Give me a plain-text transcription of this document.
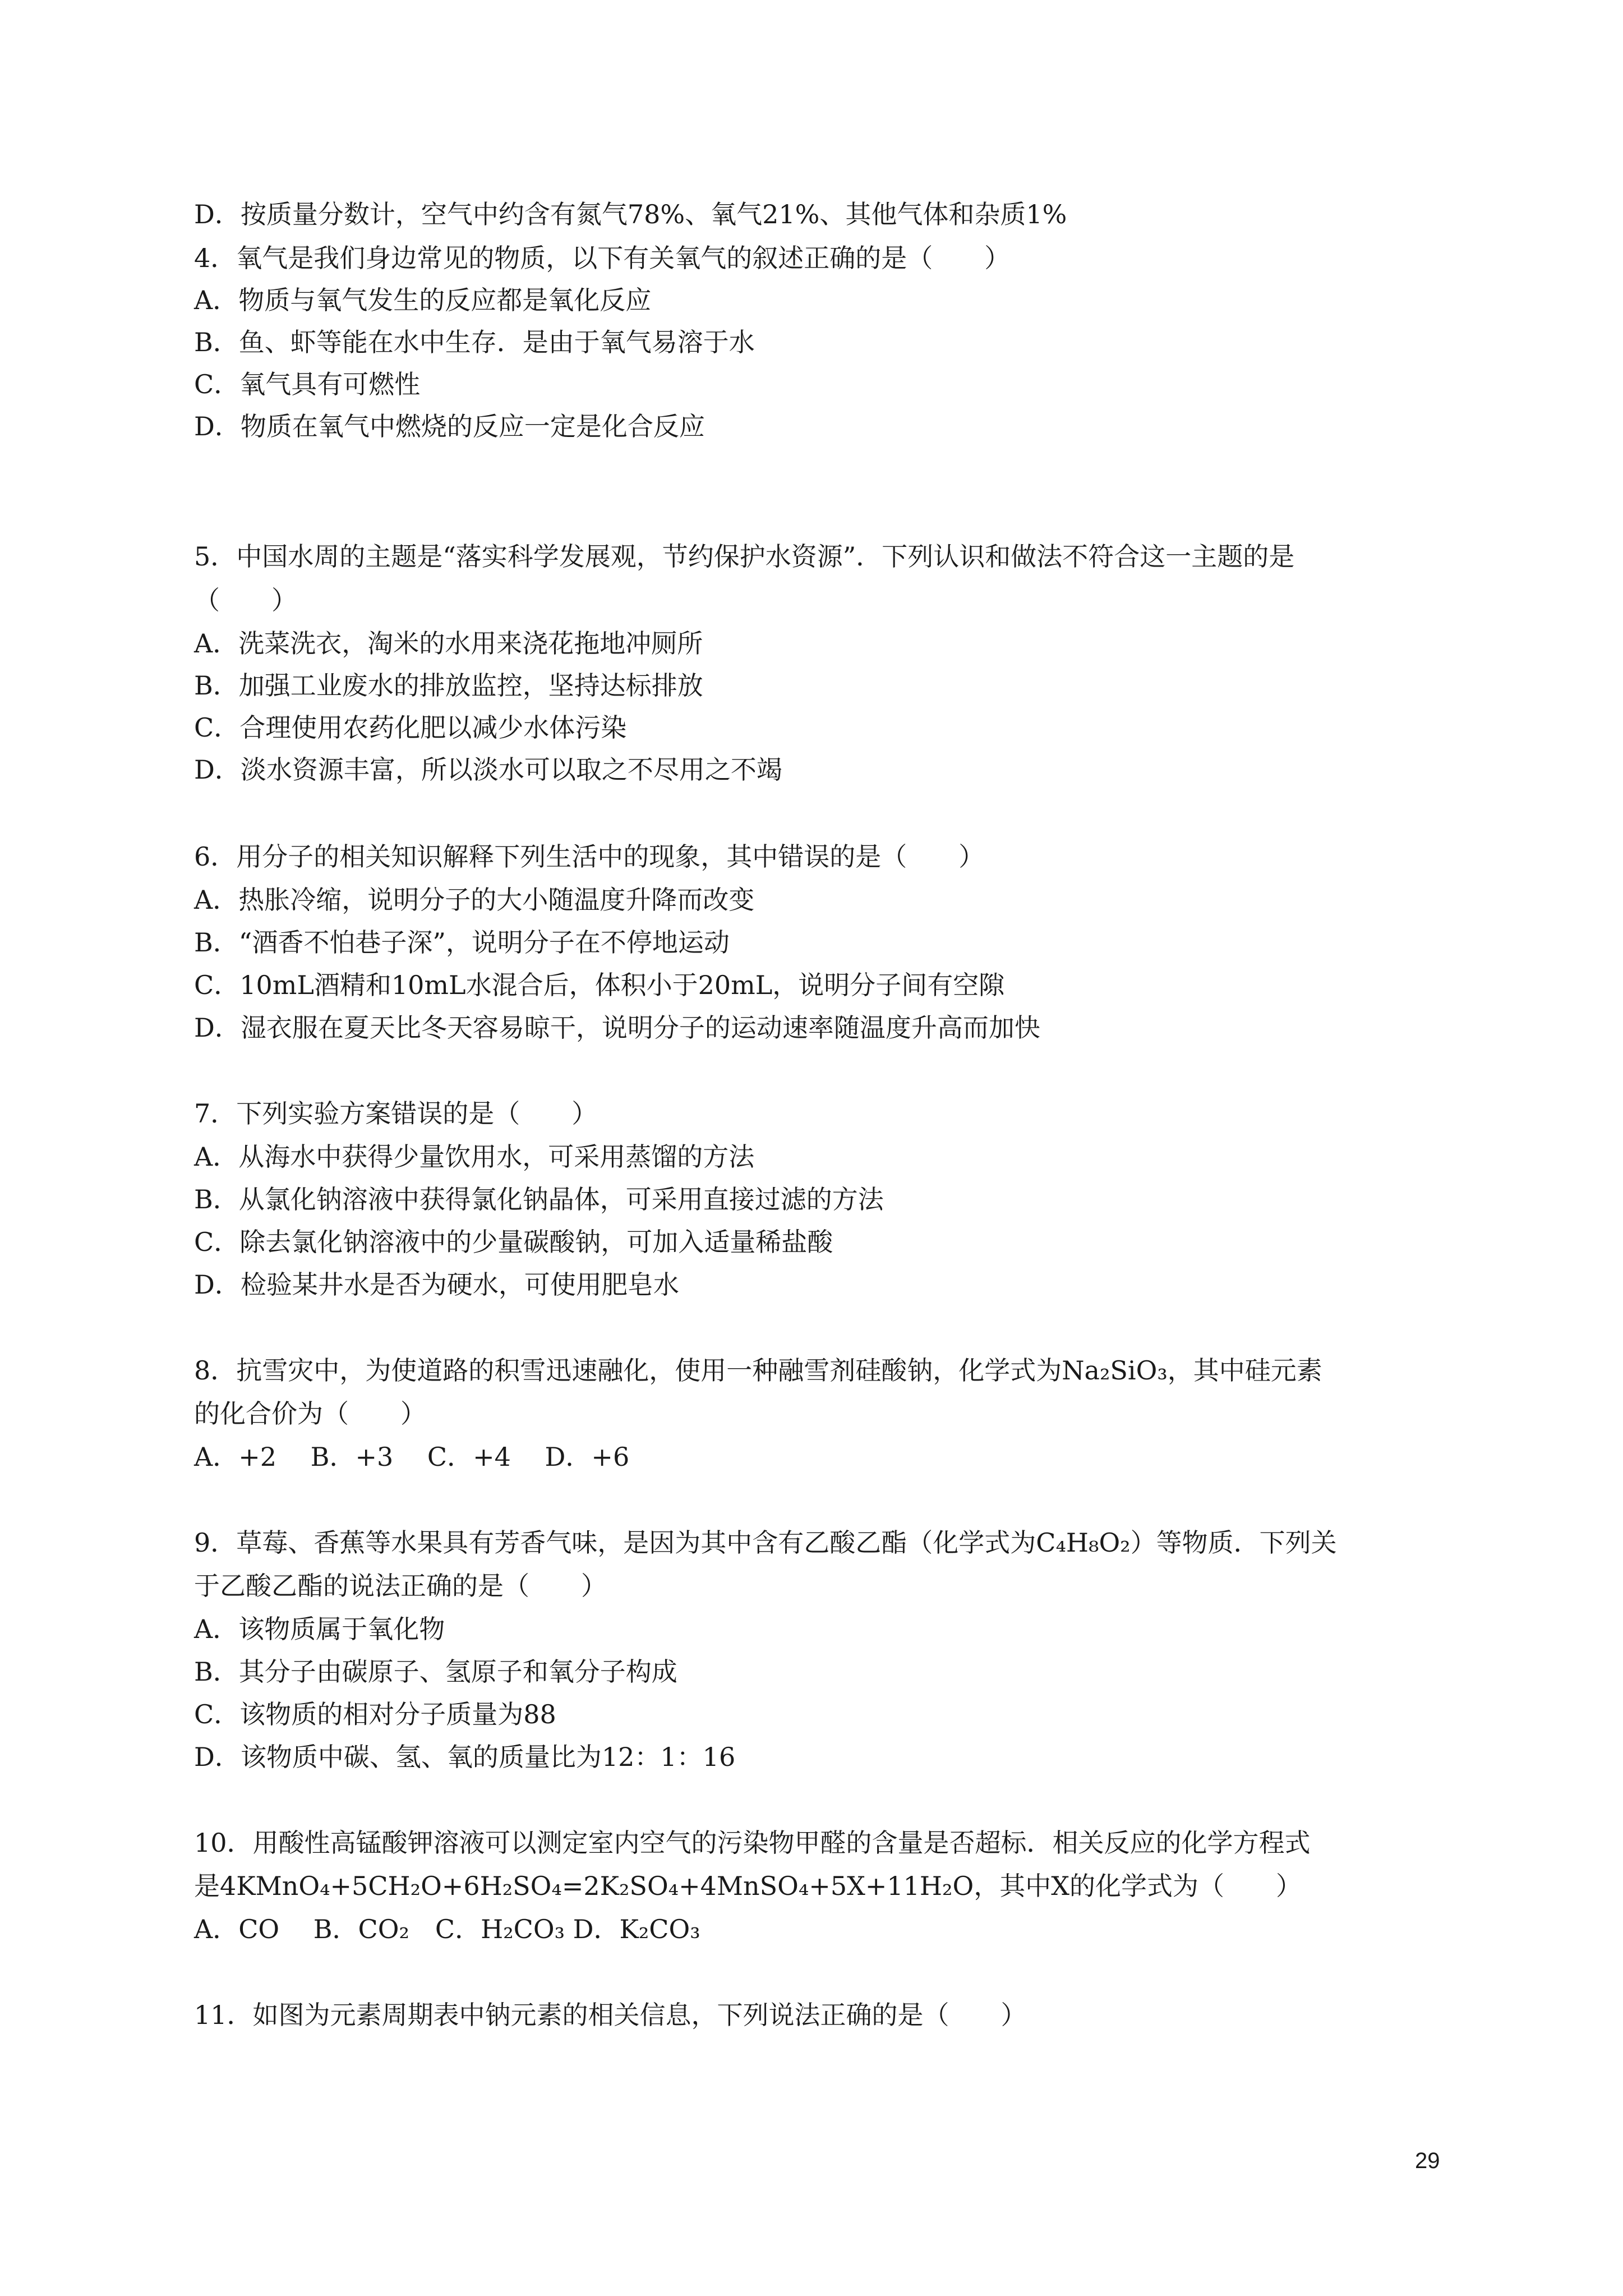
D．按质量分数计，空气中约含有氮气78%、氧气21%、其他气体和杂质1%
4．氧气是我们身边常见的物质，以下有关氧气的叙述正确的是（　　）
A．物质与氧气发生的反应都是氧化反应
B．鱼、虾等能在水中生存．是由于氧气易溶于水
C．氧气具有可燃性
D．物质在氧气中燃烧的反应一定是化合反应
5．中国水周的主题是“落实科学发展观，节约保护水资源”．下列认识和做法不符合这一主题的是
（　　）
A．洗菜洗衣，淘米的水用来浇花拖地冲厕所
B．加强工业废水的排放监控，坚持达标排放
C．合理使用农药化肥以减少水体污染
D．淡水资源丰富，所以淡水可以取之不尽用之不竭
6．用分子的相关知识解释下列生活中的现象，其中错误的是（　　）
A．热胀冷缩，说明分子的大小随温度升降而改变
B．“酒香不怕巷子深”，说明分子在不停地运动
C．10mL酒精和10mL水混合后，体积小于20mL，说明分子间有空隙
D．湿衣服在夏天比冬天容易晾干，说明分子的运动速率随温度升高而加快
7．下列实验方案错误的是（　　）
A．从海水中获得少量饮用水，可采用蒸馏的方法
B．从氯化钠溶液中获得氯化钠晶体，可采用直接过滤的方法
C．除去氯化钠溶液中的少量碳酸钠，可加入适量稀盐酸
D．检验某井水是否为硬水，可使用肥皂水
8．抗雪灾中，为使道路的积雪迅速融化，使用一种融雪剂硅酸钠，化学式为Na₂SiO₃，其中硅元素
的化合价为（　　）
A．+2　 B．+3　 C．+4　 D．+6
9．草莓、香蕉等水果具有芳香气味，是因为其中含有乙酸乙酯（化学式为C₄H₈O₂）等物质．下列关
于乙酸乙酯的说法正确的是（　　）
A．该物质属于氧化物
B．其分子由碳原子、氢原子和氧分子构成
C．该物质的相对分子质量为88
D．该物质中碳、氢、氧的质量比为12：1：16
10．用酸性高锰酸钾溶液可以测定室内空气的污染物甲醛的含量是否超标．相关反应的化学方程式
是4KMnO₄+5CH₂O+6H₂SO₄=2K₂SO₄+4MnSO₄+5X+11H₂O，其中X的化学式为（　　）
A．CO　 B．CO₂　C．H₂CO₃ D．K₂CO₃
11．如图为元素周期表中钠元素的相关信息，下列说法正确的是（　　）
29
